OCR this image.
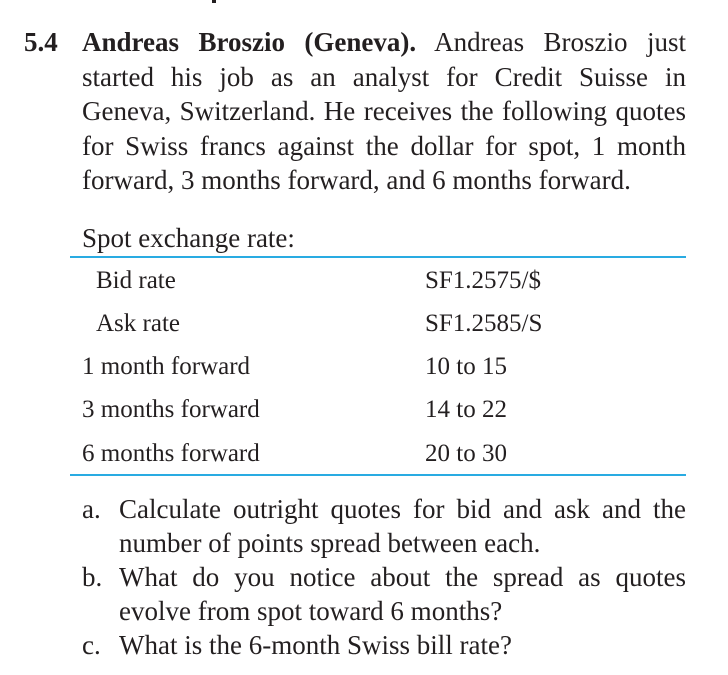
5.4 Andreas Broszio (Geneva). Andreas Broszio just started his job as an analyst for Credit Suisse in Geneva, Switzerland. He receives the following quotes for Swiss francs against the dollar for spot, 1 month forward, 3 months forward, and 6 months forward.
Spot exchange rate:
Bid rate	SF1.2575/$
Ask rate	SF1.2585/S
1 month forward	10 to 15
3 months forward	14 to 22
6 months forward	20 to 30
a. Calculate outright quotes for bid and ask and the number of points spread between each.
b. What do you notice about the spread as quotes evolve from spot toward 6 months?
c. What is the 6-month Swiss bill rate?
